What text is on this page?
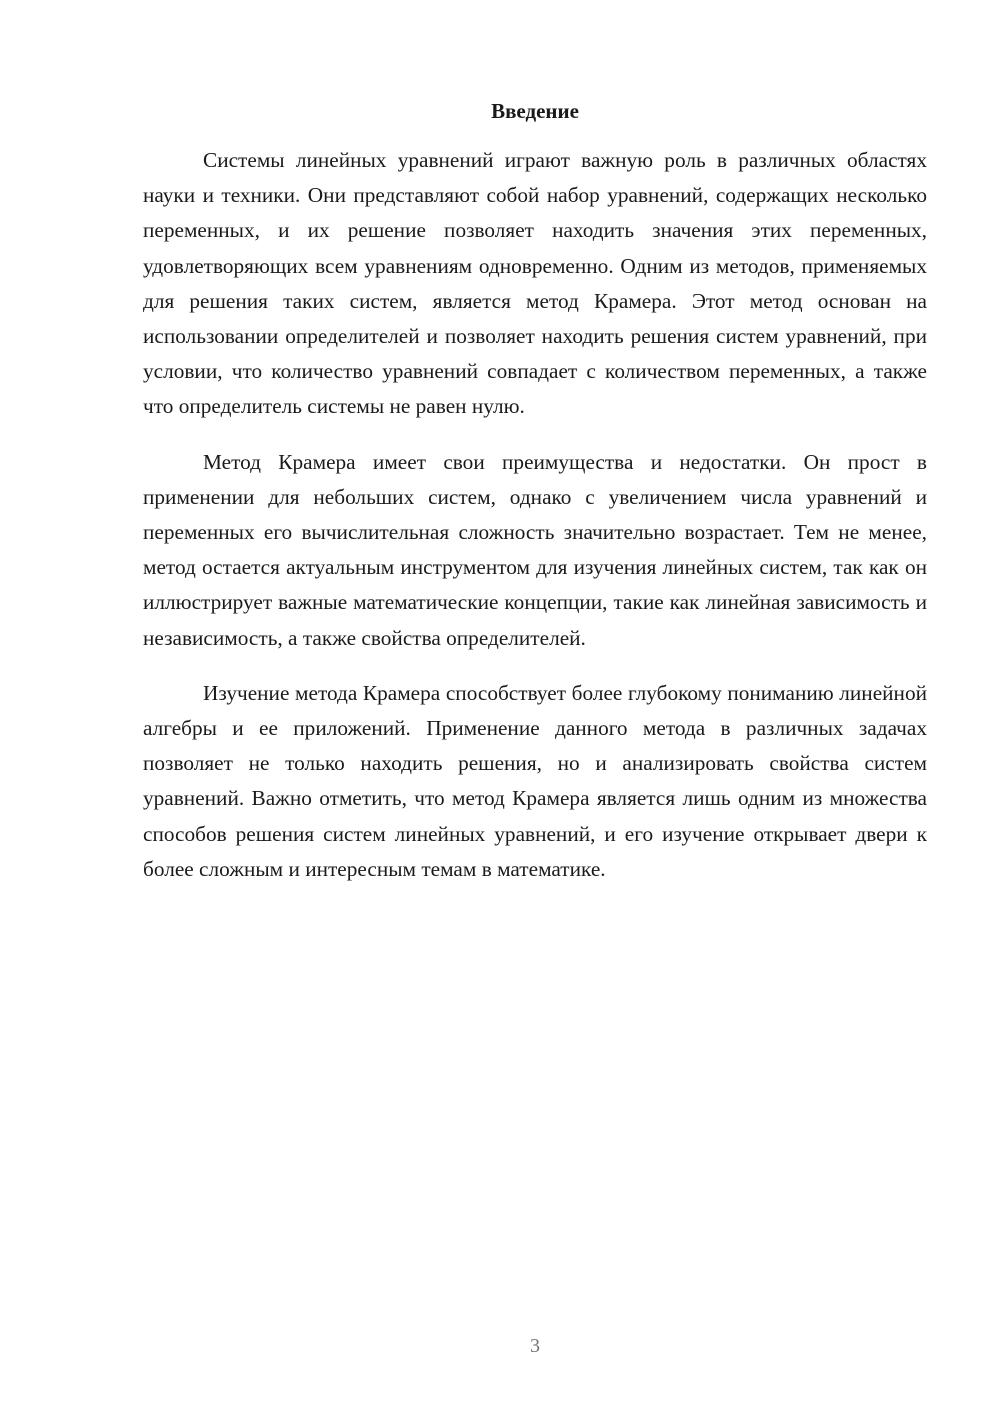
Введение

Системы линейных уравнений играют важную роль в различных областях науки и техники. Они представляют собой набор уравнений, содержащих несколько переменных, и их решение позволяет находить значения этих переменных, удовлетворяющих всем уравнениям одновременно. Одним из методов, применяемых для решения таких систем, является метод Крамера. Этот метод основан на использовании определителей и позволяет находить решения систем уравнений, при условии, что количество уравнений совпадает с количеством переменных, а также что определитель системы не равен нулю.

Метод Крамера имеет свои преимущества и недостатки. Он прост в применении для небольших систем, однако с увеличением числа уравнений и переменных его вычислительная сложность значительно возрастает. Тем не менее, метод остается актуальным инструментом для изучения линейных систем, так как он иллюстрирует важные математические концепции, такие как линейная зависимость и независимость, а также свойства определителей.

Изучение метода Крамера способствует более глубокому пониманию линейной алгебры и ее приложений. Применение данного метода в различных задачах позволяет не только находить решения, но и анализировать свойства систем уравнений. Важно отметить, что метод Крамера является лишь одним из множества способов решения систем линейных уравнений, и его изучение открывает двери к более сложным и интересным темам в математике.

3
